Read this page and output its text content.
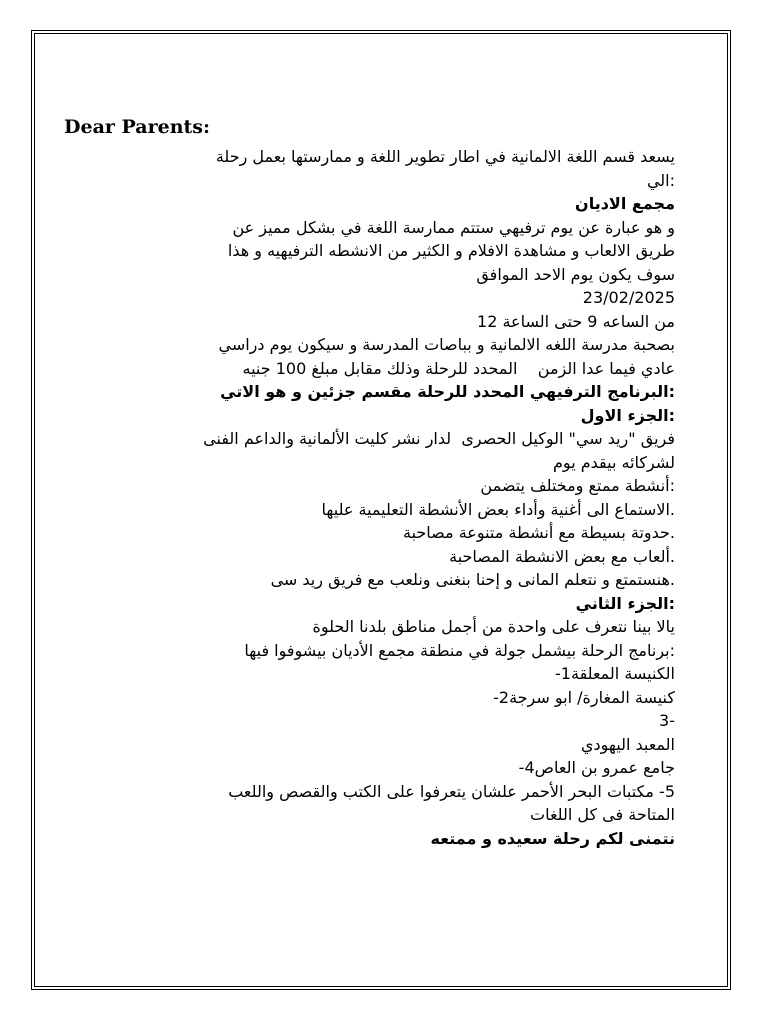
Dear Parents:
يسعد قسم اللغة الالمانية في اطار تطوير اللغة و ممارستها بعمل رحلة
:الي
مجمع الاديان
و هو عبارة عن يوم ترفيهي ستتم ممارسة اللغة في بشكل مميز عن
طريق الالعاب و مشاهدة الافلام و الكثير من الانشطه الترفيهيه و هذا
سوف يكون يوم الاحد الموافق
23/02/2025
من الساعه 9 حتى الساعة 12
بصحبة مدرسة اللغه الالمانية و بباصات المدرسة و سيكون يوم دراسي
عادي فيما عدا الزمن    المحدد للرحلة وذلك مقابل مبلغ 100 جنيه
:البرنامج الترفيهي المحدد للرحلة مقسم جزئين و هو الاتي
:الجزء الاول
فريق "ريد سي" الوكيل الحصرى  لدار نشر كليت الألمانية والداعم الفنى
لشركائه بيقدم يوم
:أنشطة ممتع ومختلف يتضمن
.الاستماع الى أغنية وأداء بعض الأنشطة التعليمية عليها
.حدوتة بسيطة مع أنشطة متنوعة مصاحبة
.ألعاب مع بعض الانشطة المصاحبة
.هنستمتع و نتعلم المانى و إحنا بنغنى ونلعب مع فريق ريد سى
:الجزء الثاني
يالا بينا نتعرف على واحدة من أجمل مناطق بلدنا الحلوة
:برنامج الرحلة بيشمل جولة في منطقة مجمع الأديان بيشوفوا فيها
الكنيسة المعلقة1-
كنيسة المغارة/ ابو سرجة2-
3-
المعبد اليهودي
جامع عمرو بن العاص4-
5- مكتبات البحر الأحمر علشان يتعرفوا على الكتب والقصص واللعب
المتاحة فى كل اللغات
نتمنى لكم رحلة سعيده و ممتعه
